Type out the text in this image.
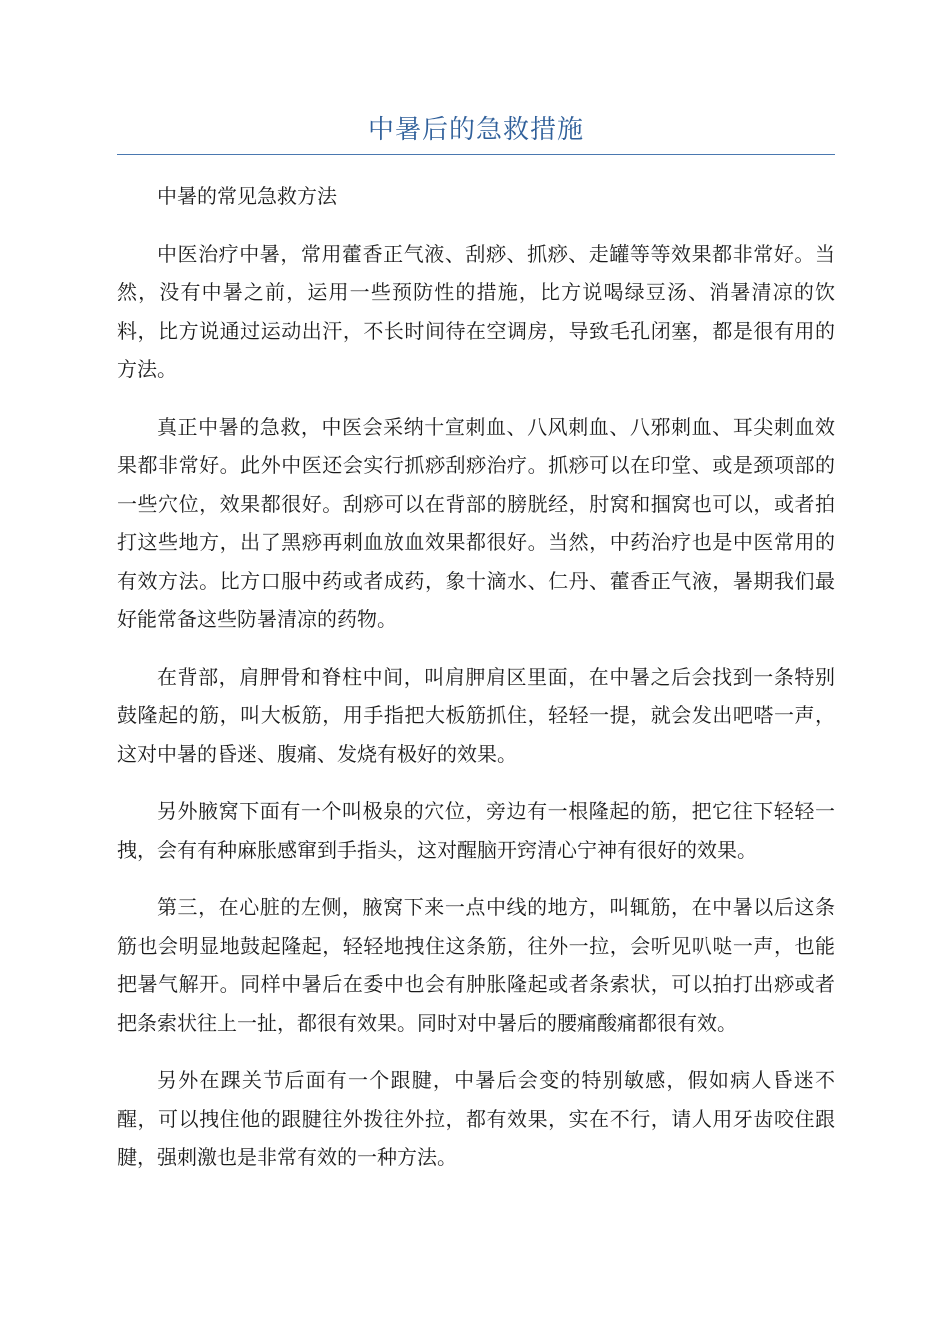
中暑后的急救措施

中暑的常见急救方法

中医治疗中暑，常用藿香正气液、刮痧、抓痧、走罐等等效果都非常好。当然，没有中暑之前，运用一些预防性的措施，比方说喝绿豆汤、消暑清凉的饮料，比方说通过运动出汗，不长时间待在空调房，导致毛孔闭塞，都是很有用的方法。

真正中暑的急救，中医会采纳十宣刺血、八风刺血、八邪刺血、耳尖刺血效果都非常好。此外中医还会实行抓痧刮痧治疗。抓痧可以在印堂、或是颈项部的一些穴位，效果都很好。刮痧可以在背部的膀胱经，肘窝和掴窝也可以，或者拍打这些地方，出了黑痧再刺血放血效果都很好。当然，中药治疗也是中医常用的有效方法。比方口服中药或者成药，象十滴水、仁丹、藿香正气液，暑期我们最好能常备这些防暑清凉的药物。

在背部，肩胛骨和脊柱中间，叫肩胛肩区里面，在中暑之后会找到一条特别鼓隆起的筋，叫大板筋，用手指把大板筋抓住，轻轻一提，就会发出吧嗒一声，这对中暑的昏迷、腹痛、发烧有极好的效果。

另外腋窝下面有一个叫极泉的穴位，旁边有一根隆起的筋，把它往下轻轻一拽，会有有种麻胀感窜到手指头，这对醒脑开窍清心宁神有很好的效果。

第三，在心脏的左侧，腋窝下来一点中线的地方，叫辄筋，在中暑以后这条筋也会明显地鼓起隆起，轻轻地拽住这条筋，往外一拉，会听见叭哒一声，也能把暑气解开。同样中暑后在委中也会有肿胀隆起或者条索状，可以拍打出痧或者把条索状往上一扯，都很有效果。同时对中暑后的腰痛酸痛都很有效。

另外在踝关节后面有一个跟腱，中暑后会变的特别敏感，假如病人昏迷不醒，可以拽住他的跟腱往外拨往外拉，都有效果，实在不行，请人用牙齿咬住跟腱，强刺激也是非常有效的一种方法。
